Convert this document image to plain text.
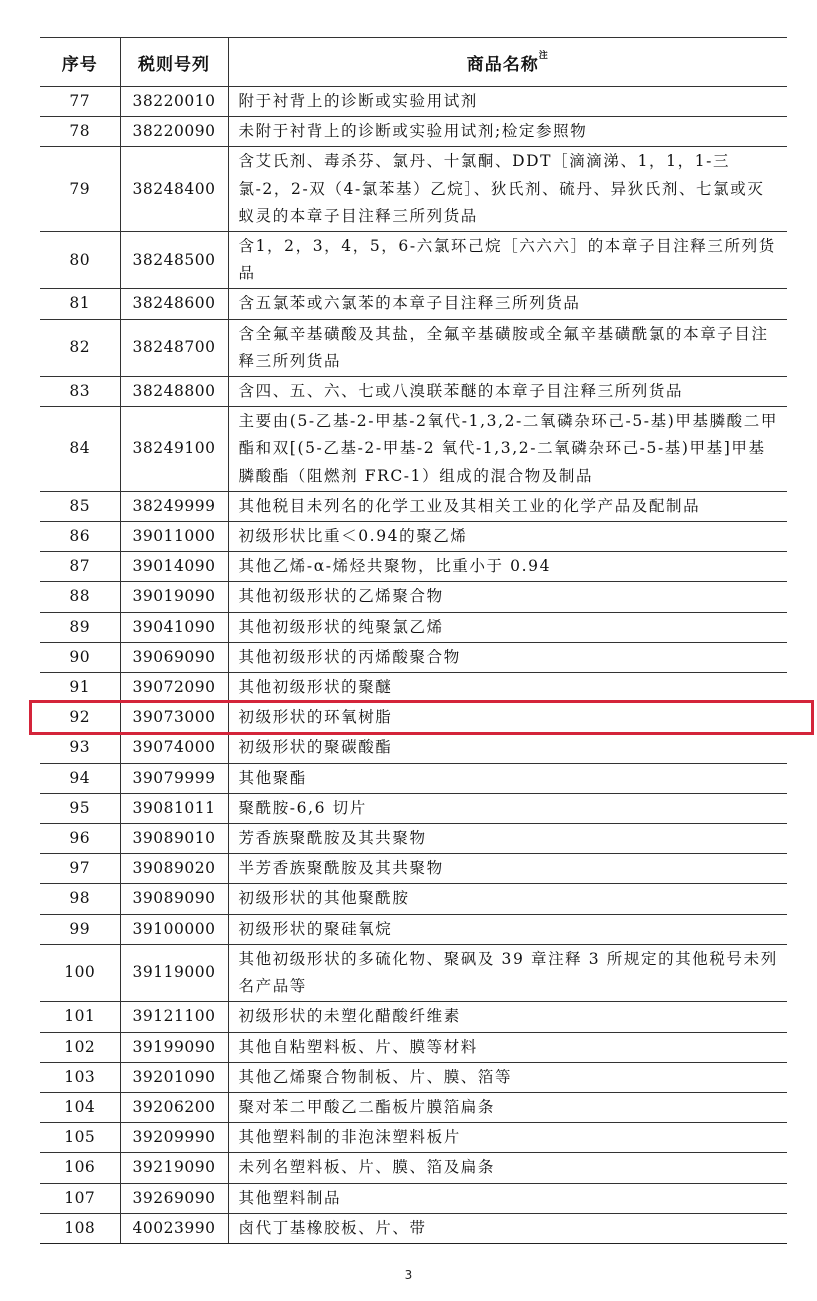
序号	税则号列	商品名称$^注$
77	38220010	附于衬背上的诊断或实验用试剂
78	38220090	未附于衬背上的诊断或实验用试剂;检定参照物
79	38248400	含艾氏剂、毒杀芬、氯丹、十氯酮、DDT［滴滴涕、1，1，1-三氯-2，2-双（4-氯苯基）乙烷］、狄氏剂、硫丹、异狄氏剂、七氯或灭蚁灵的本章子目注释三所列货品
80	38248500	含1，2，3，4，5，6-六氯环己烷［六六六］的本章子目注释三所列货品
81	38248600	含五氯苯或六氯苯的本章子目注释三所列货品
82	38248700	含全氟辛基磺酸及其盐，全氟辛基磺胺或全氟辛基磺酰氯的本章子目注释三所列货品
83	38248800	含四、五、六、七或八溴联苯醚的本章子目注释三所列货品
84	38249100	主要由(5-乙基-2-甲基-2氧代-1,3,2-二氧磷杂环己-5-基)甲基膦酸二甲酯和双[(5-乙基-2-甲基-2 氧代-1,3,2-二氧磷杂环己-5-基)甲基]甲基膦酸酯（阻燃剂 FRC-1）组成的混合物及制品
85	38249999	其他税目未列名的化学工业及其相关工业的化学产品及配制品
86	39011000	初级形状比重＜0.94的聚乙烯
87	39014090	其他乙烯-α-烯烃共聚物，比重小于 0.94
88	39019090	其他初级形状的乙烯聚合物
89	39041090	其他初级形状的纯聚氯乙烯
90	39069090	其他初级形状的丙烯酸聚合物
91	39072090	其他初级形状的聚醚
92	39073000	初级形状的环氧树脂
93	39074000	初级形状的聚碳酸酯
94	39079999	其他聚酯
95	39081011	聚酰胺-6,6 切片
96	39089010	芳香族聚酰胺及其共聚物
97	39089020	半芳香族聚酰胺及其共聚物
98	39089090	初级形状的其他聚酰胺
99	39100000	初级形状的聚硅氧烷
100	39119000	其他初级形状的多硫化物、聚砜及 39 章注释 3 所规定的其他税号未列名产品等
101	39121100	初级形状的未塑化醋酸纤维素
102	39199090	其他自粘塑料板、片、膜等材料
103	39201090	其他乙烯聚合物制板、片、膜、箔等
104	39206200	聚对苯二甲酸乙二酯板片膜箔扁条
105	39209990	其他塑料制的非泡沫塑料板片
106	39219090	未列名塑料板、片、膜、箔及扁条
107	39269090	其他塑料制品
108	40023990	卤代丁基橡胶板、片、带
3
